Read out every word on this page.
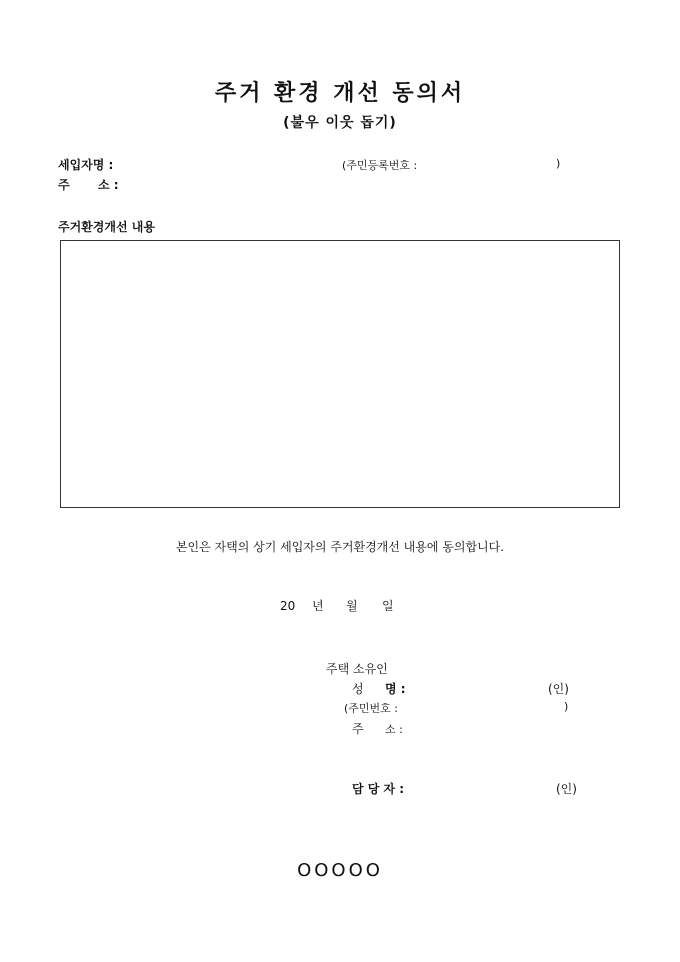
주거 환경 개선 동의서
(불우 이웃 돕기)
세입자명 :	(주민등록번호 :	)
주 소 :
주거환경개선 내용
본인은 자택의 상기 세입자의 주거환경개선 내용에 동의합니다.
20 년 월 일
주택 소유인
성 명 :	(인)
(주민번호 :	)
주 소 :
담 당 자 :	(인)
OOOOO
